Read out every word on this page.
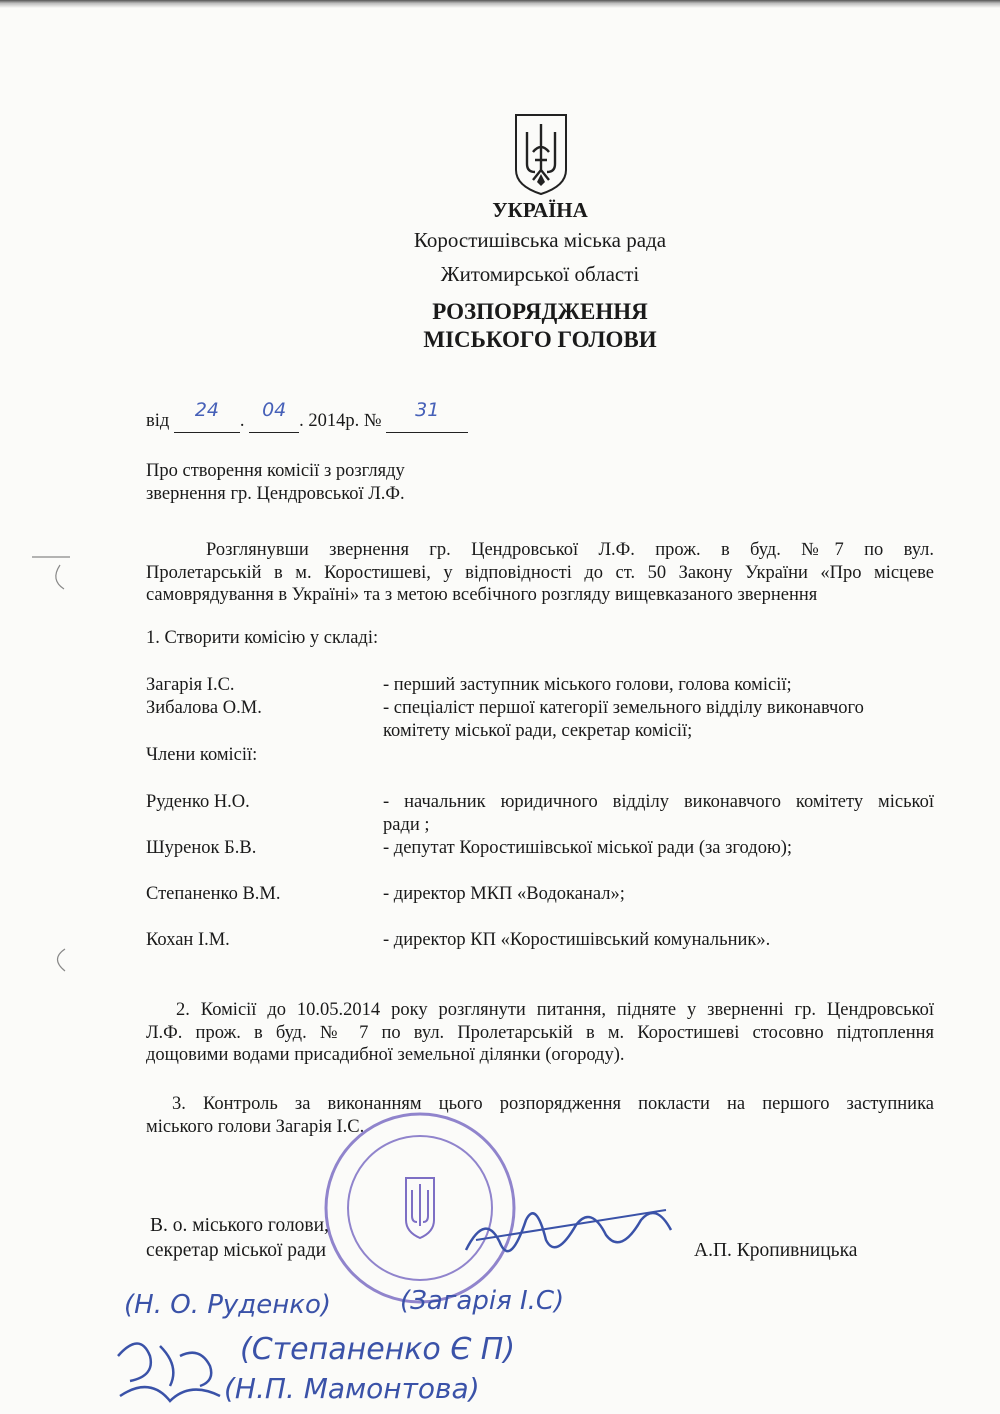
УКРАЇНА
Коростишівська міська рада
Житомирської області
РОЗПОРЯДЖЕННЯ
МІСЬКОГО ГОЛОВИ
від	24	. 04 . 2014р. №	31

Про створення комісії з розгляду
звернення гр. Цендровської Л.Ф.
Розглянувши звернення гр. Цендровської Л.Ф. прож. в буд. №7 по вул.
Пролетарській в м. Коростишеві, у відповідності до ст. 50 Закону України «Про місцеве
самоврядування в Україні» та з метою всебічного розгляду вищевказаного звернення
1. Створити комісію у складі:
Загарія І.С.	- перший заступник міського голови, голова комісії;
Зибалова О.М.	- спеціаліст першої категорії земельного відділу виконавчого
комітету міської ради, секретар комісії;
Члени комісії:
Руденко Н.О.	- начальник юридичного відділу виконавчого комітету міської
ради ;
Шуренок Б.В.	- депутат Коростишівської міської ради (за згодою);
Степаненко В.М.	- директор МКП «Водоканал»;
Кохан І.М.	- директор КП «Коростишівський комунальник».
2. Комісії до 10.05.2014 року розглянути питання, підняте у зверненні гр. Цендровської
Л.Ф. прож. в буд. № 7 по вул. Пролетарській в м. Коростишеві стосовно підтоплення
дощовими водами присадибної земельної ділянки (огороду).
3. Контроль за виконанням цього розпорядження покласти на першого заступника
міського голови Загарія І.С.
В. о. міського голови,
секретар міської ради	А.П. Кропивницька
(Н. О. Руденко)	(Загарія І.С)
(Степаненко Є П)
(Н.П. Мамонтова)
